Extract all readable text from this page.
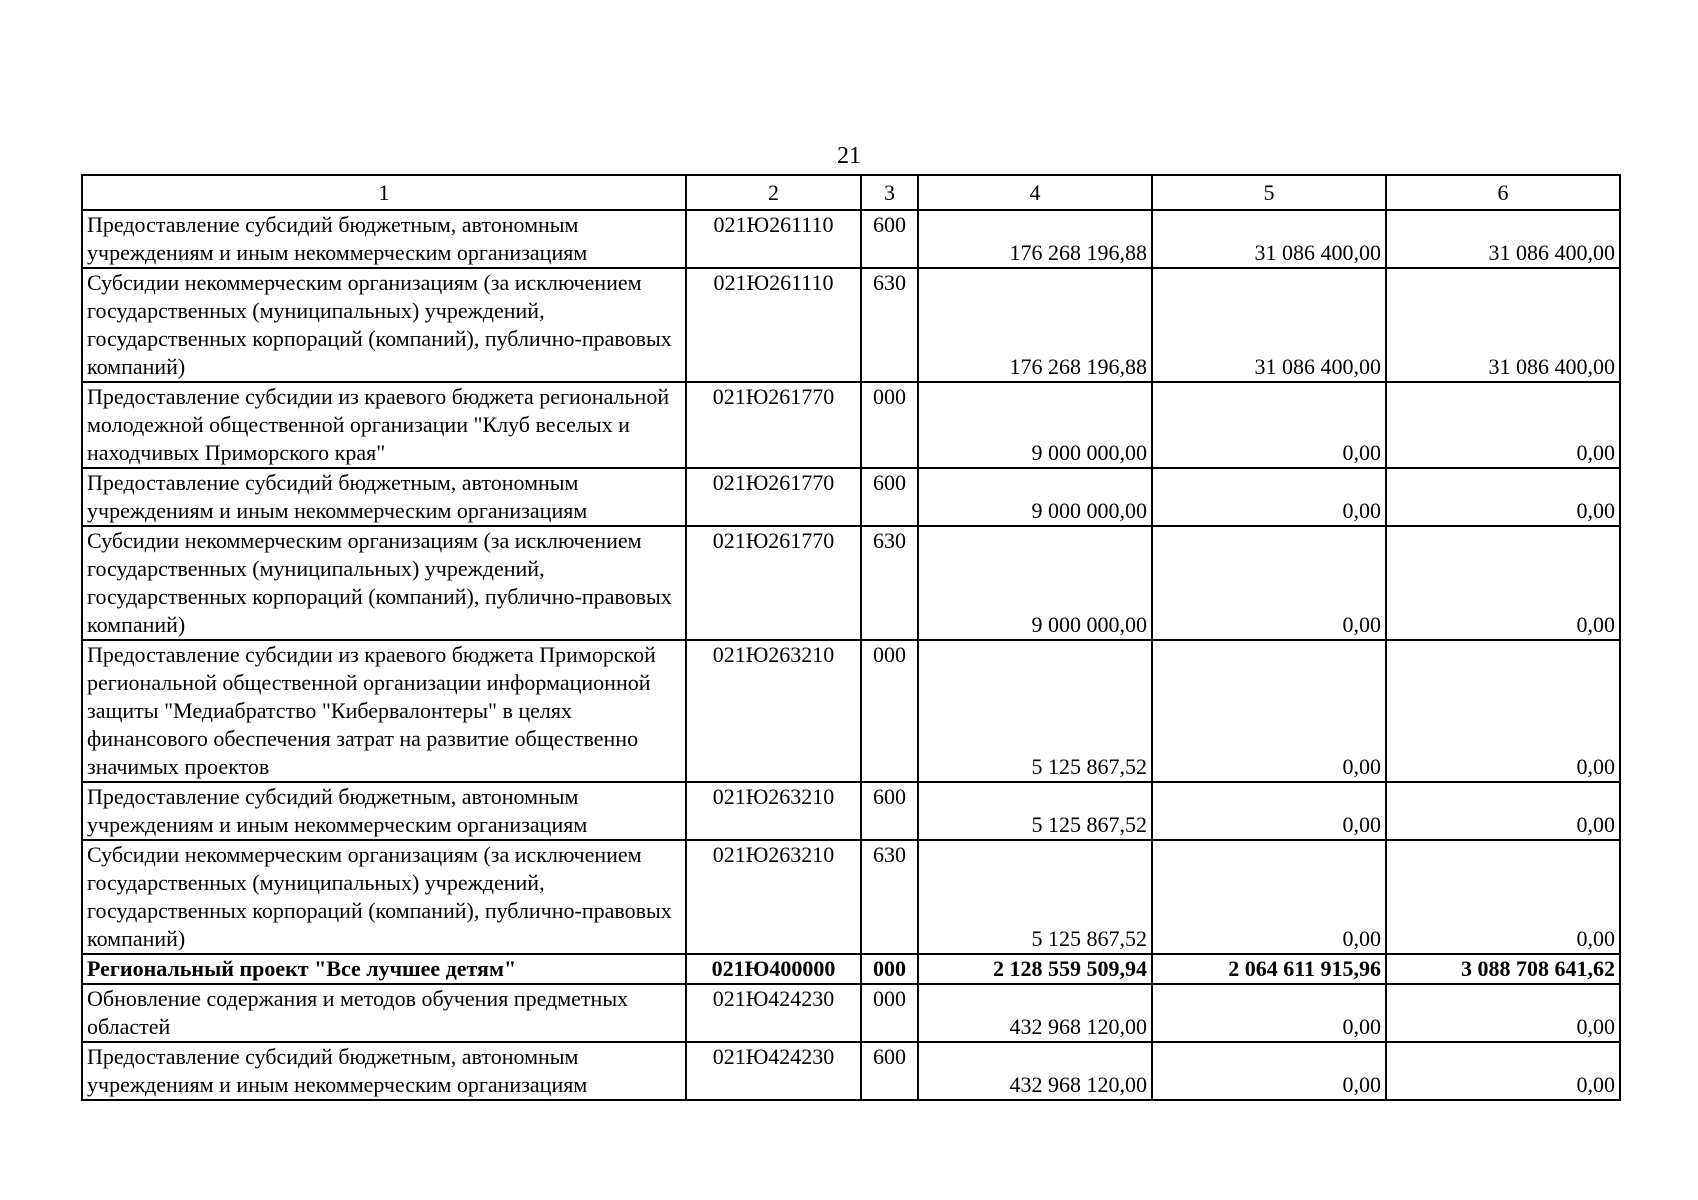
21
1	2	3	4	5	6
Предоставление субсидий бюджетным, автономным учреждениям и иным некоммерческим организациям	021Ю261110	600	176 268 196,88	31 086 400,00	31 086 400,00
Субсидии некоммерческим организациям (за исключением государственных (муниципальных) учреждений, государственных корпораций (компаний), публично-правовых компаний)	021Ю261110	630	176 268 196,88	31 086 400,00	31 086 400,00
Предоставление субсидии из краевого бюджета региональной молодежной общественной организации "Клуб веселых и находчивых Приморского края"	021Ю261770	000	9 000 000,00	0,00	0,00
Предоставление субсидий бюджетным, автономным учреждениям и иным некоммерческим организациям	021Ю261770	600	9 000 000,00	0,00	0,00
Субсидии некоммерческим организациям (за исключением государственных (муниципальных) учреждений, государственных корпораций (компаний), публично-правовых компаний)	021Ю261770	630	9 000 000,00	0,00	0,00
Предоставление субсидии из краевого бюджета Приморской региональной общественной организации информационной защиты "Медиабратство "Кибервалонтеры" в целях финансового обеспечения затрат на развитие общественно значимых проектов	021Ю263210	000	5 125 867,52	0,00	0,00
Предоставление субсидий бюджетным, автономным учреждениям и иным некоммерческим организациям	021Ю263210	600	5 125 867,52	0,00	0,00
Субсидии некоммерческим организациям (за исключением государственных (муниципальных) учреждений, государственных корпораций (компаний), публично-правовых компаний)	021Ю263210	630	5 125 867,52	0,00	0,00
Региональный проект "Все лучшее детям"	021Ю400000	000	2 128 559 509,94	2 064 611 915,96	3 088 708 641,62
Обновление содержания и методов обучения предметных областей	021Ю424230	000	432 968 120,00	0,00	0,00
Предоставление субсидий бюджетным, автономным учреждениям и иным некоммерческим организациям	021Ю424230	600	432 968 120,00	0,00	0,00
